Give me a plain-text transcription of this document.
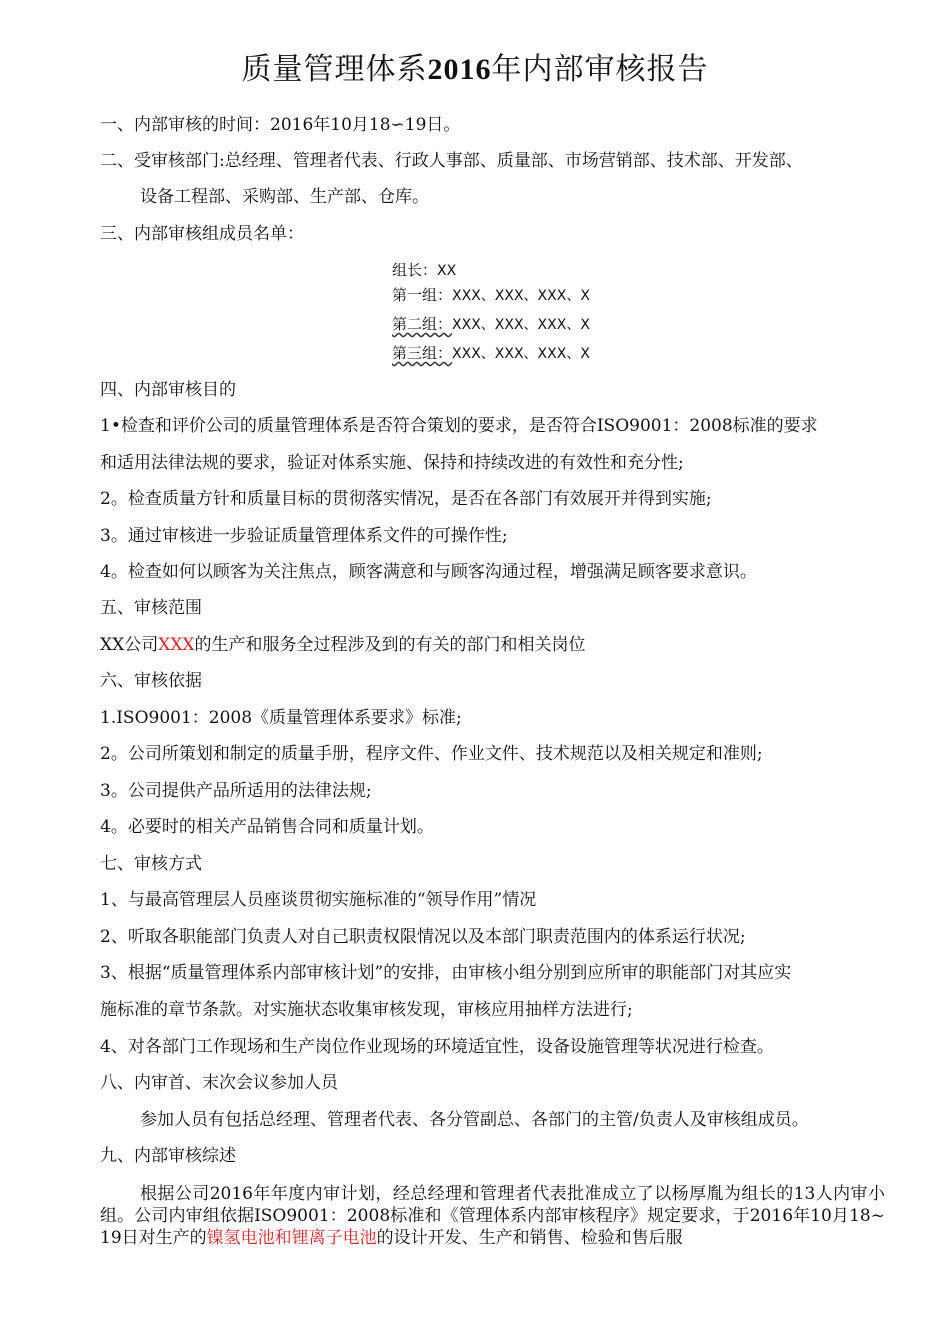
质量管理体系2016年内部审核报告
一、内部审核的时间：2016年10月18∽19日。
二、受审核部门:总经理、管理者代表、行政人事部、质量部、市场营销部、技术部、开发部、
设备工程部、采购部、生产部、仓库。
三、内部审核组成员名单：
组长：XX
第一组：XXX、XXX、XXX、X
第二组：XXX、XXX、XXX、X
第三组：XXX、XXX、XXX、X
四、内部审核目的
1•检查和评价公司的质量管理体系是否符合策划的要求，是否符合ISO9001：2008标准的要求
和适用法律法规的要求，验证对体系实施、保持和持续改进的有效性和充分性;
2。检查质量方针和质量目标的贯彻落实情况，是否在各部门有效展开并得到实施;
3。通过审核进一步验证质量管理体系文件的可操作性;
4。检查如何以顾客为关注焦点，顾客满意和与顾客沟通过程，增强满足顾客要求意识。
五、审核范围
XX公司XXX的生产和服务全过程涉及到的有关的部门和相关岗位
六、审核依据
1.ISO9001：2008《质量管理体系要求》标准;
2。公司所策划和制定的质量手册，程序文件、作业文件、技术规范以及相关规定和准则;
3。公司提供产品所适用的法律法规;
4。必要时的相关产品销售合同和质量计划。
七、审核方式
1、与最高管理层人员座谈贯彻实施标准的“领导作用”情况
2、听取各职能部门负责人对自己职责权限情况以及本部门职责范围内的体系运行状况;
3、根据“质量管理体系内部审核计划”的安排，由审核小组分别到应所审的职能部门对其应实
施标准的章节条款。对实施状态收集审核发现，审核应用抽样方法进行;
4、对各部门工作现场和生产岗位作业现场的环境适宜性，设备设施管理等状况进行检查。
八、内审首、末次会议参加人员
参加人员有包括总经理、管理者代表、各分管副总、各部门的主管/负责人及审核组成员。
九、内部审核综述
根据公司2016年年度内审计划，经总经理和管理者代表批准成立了以杨厚胤为组长的13人内审小组。公司内审组依据ISO9001：2008标准和《管理体系内部审核程序》规定要求，于2016年10月18~19日对生产的镍氢电池和锂离子电池的设计开发、生产和销售、检验和售后服
